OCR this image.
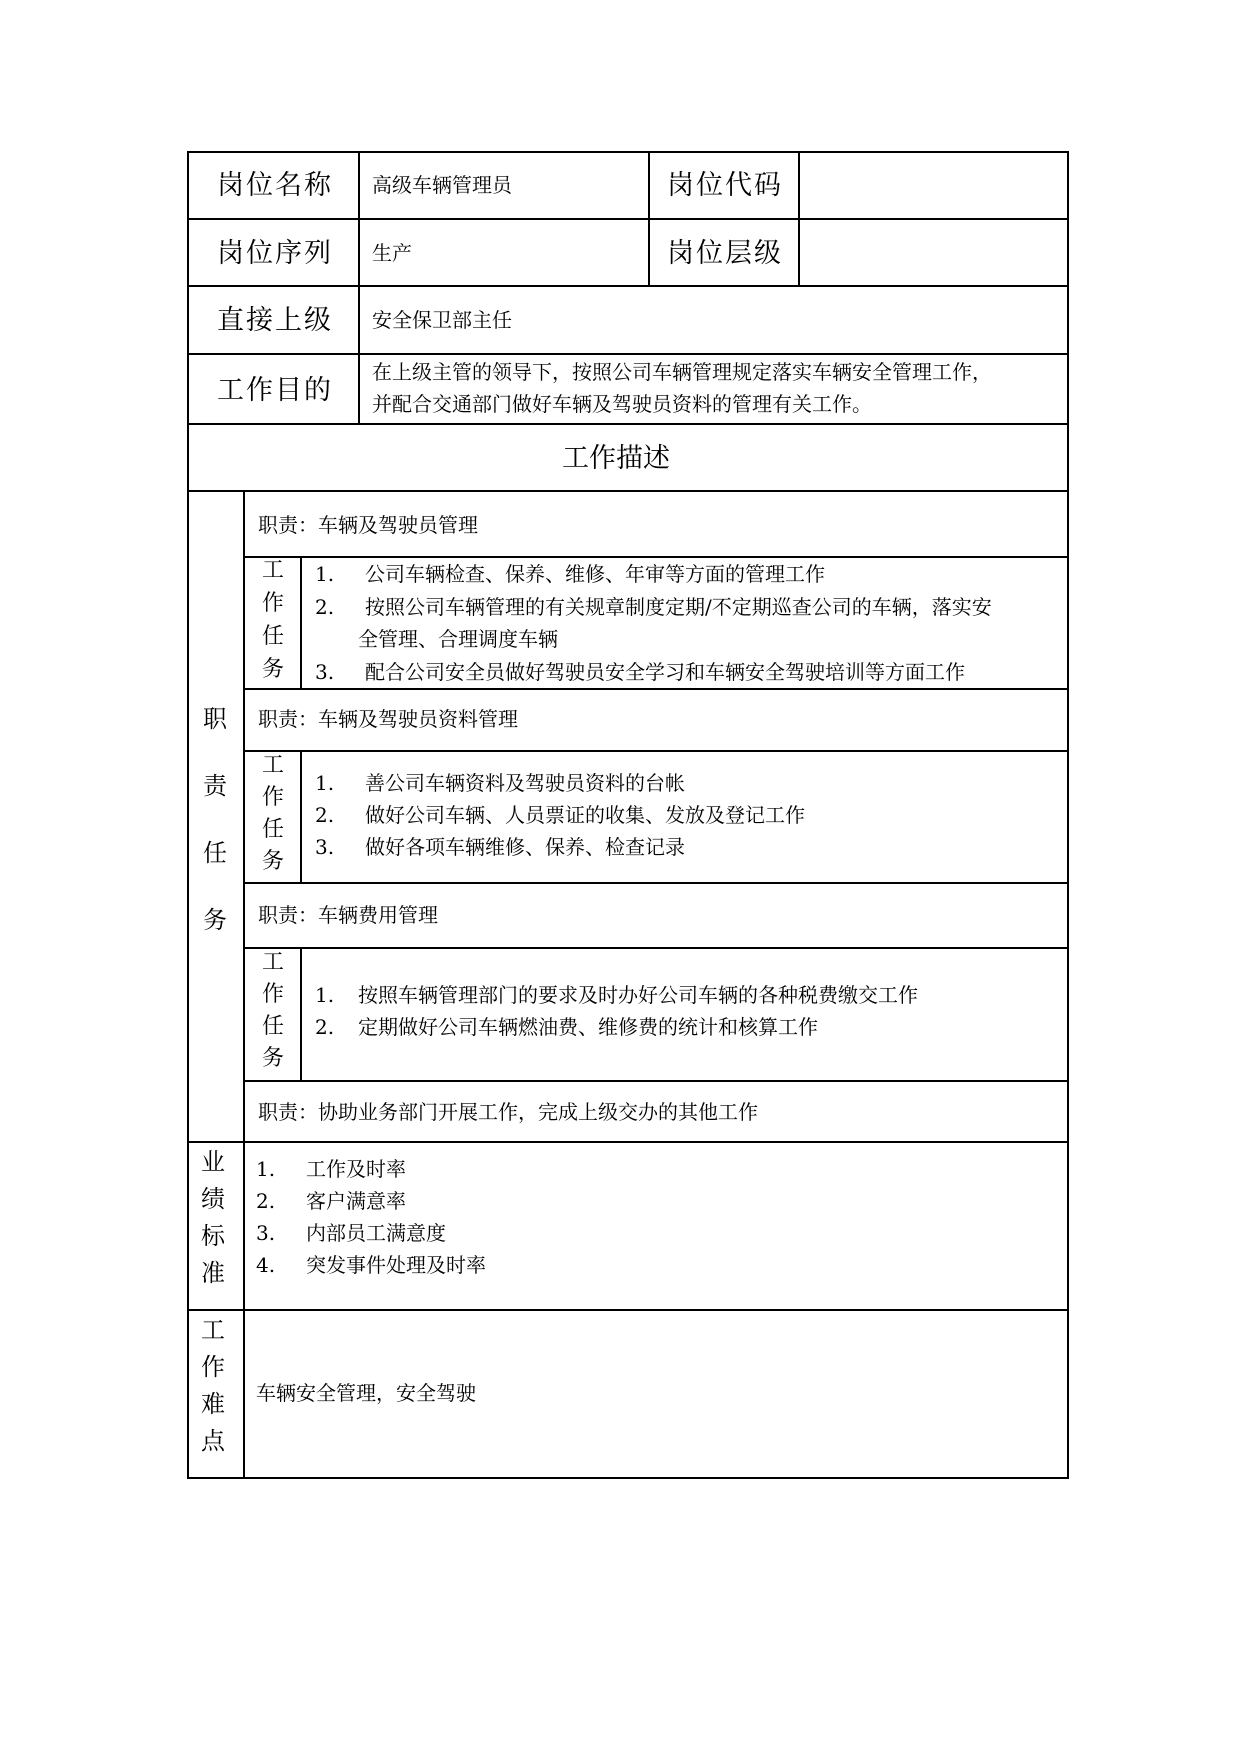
岗位名称 高级车辆管理员	岗位代码
岗位序列 生产	岗位层级
直接上级 安全保卫部主任
工作目的
在上级主管的领导下，按照公司车辆管理规定落实车辆安全管理工作，
并配合交通部门做好车辆及驾驶员资料的管理有关工作。
工作描述
职
责
任
务
职责：车辆及驾驶员管理
工
作
任
务
1. 公司车辆检查、保养、维修、年审等方面的管理工作
2. 按照公司车辆管理的有关规章制度定期/不定期巡查公司的车辆，落实安
全管理、合理调度车辆
3. 配合公司安全员做好驾驶员安全学习和车辆安全驾驶培训等方面工作
职责：车辆及驾驶员资料管理
工
作
任
务
1. 善公司车辆资料及驾驶员资料的台帐
2. 做好公司车辆、人员票证的收集、发放及登记工作
3. 做好各项车辆维修、保养、检查记录
职责：车辆费用管理
工
作
任
务
1. 按照车辆管理部门的要求及时办好公司车辆的各种税费缴交工作
2. 定期做好公司车辆燃油费、维修费的统计和核算工作
职责：协助业务部门开展工作，完成上级交办的其他工作
业
绩
标
准
1. 工作及时率
2. 客户满意率
3. 内部员工满意度
4. 突发事件处理及时率
工
作
难
点
车辆安全管理，安全驾驶
